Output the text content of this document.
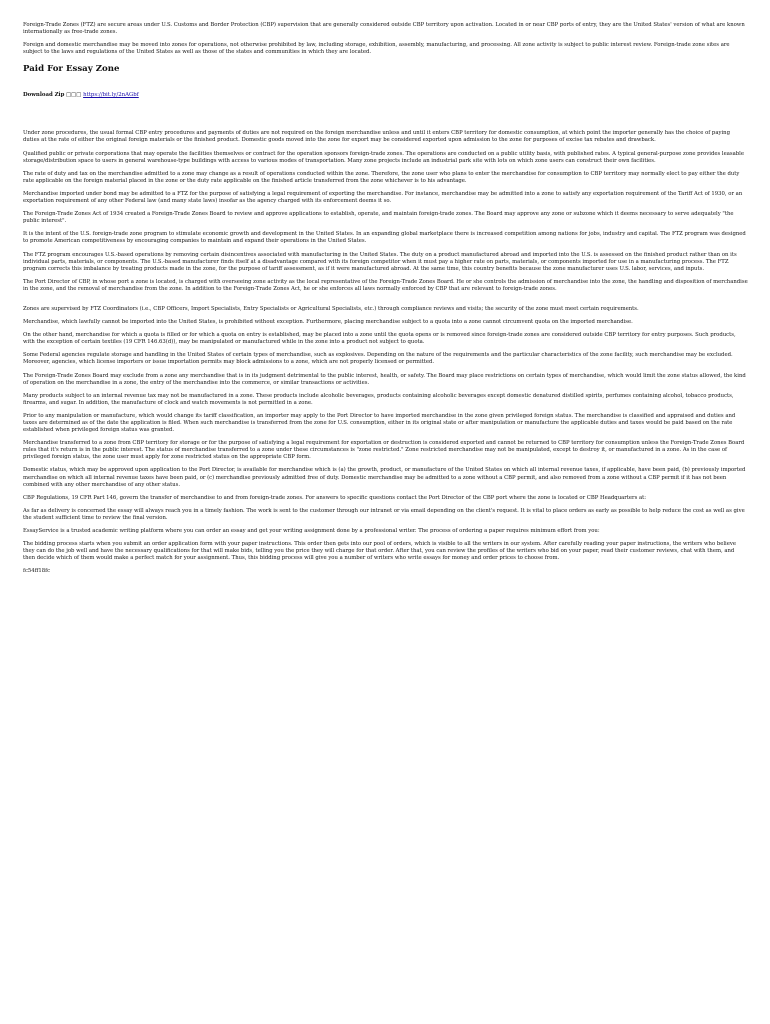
Foreign-Trade Zones (FTZ) are secure areas under U.S. Customs and Border Protection (CBP) supervision that are generally considered outside CBP territory upon activation. Located in or near CBP ports of entry, they are the United States' version of what are known internationally as free-trade zones.

Foreign and domestic merchandise may be moved into zones for operations, not otherwise prohibited by law, including storage, exhibition, assembly, manufacturing, and processing. All zone activity is subject to public interest review. Foreign-trade zone sites are subject to the laws and regulations of the United States as well as those of the states and communities in which they are located.

Paid For Essay Zone
Download Zip □□□ https://bit.ly/2nAGbf

Under zone procedures, the usual formal CBP entry procedures and payments of duties are not required on the foreign merchandise unless and until it enters CBP territory for domestic consumption, at which point the importer generally has the choice of paying duties at the rate of either the original foreign materials or the finished product. Domestic goods moved into the zone for export may be considered exported upon admission to the zone for purposes of excise tax rebates and drawback.

Qualified public or private corporations that may operate the facilities themselves or contract for the operation sponsors foreign-trade zones. The operations are conducted on a public utility basis, with published rates. A typical general-purpose zone provides leasable storage/distribution space to users in general warehouse-type buildings with access to various modes of transportation. Many zone projects include an industrial park site with lots on which zone users can construct their own facilities.

The rate of duty and tax on the merchandise admitted to a zone may change as a result of operations conducted within the zone. Therefore, the zone user who plans to enter the merchandise for consumption to CBP territory may normally elect to pay either the duty rate applicable on the foreign material placed in the zone or the duty rate applicable on the finished article transferred from the zone whichever is to his advantage.

Merchandise imported under bond may be admitted to a FTZ for the purpose of satisfying a legal requirement of exporting the merchandise. For instance, merchandise may be admitted into a zone to satisfy any exportation requirement of the Tariff Act of 1930, or an exportation requirement of any other Federal law (and many state laws) insofar as the agency charged with its enforcement deems it so.

The Foreign-Trade Zones Act of 1934 created a Foreign-Trade Zones Board to review and approve applications to establish, operate, and maintain foreign-trade zones. The Board may approve any zone or subzone which it deems necessary to serve adequately "the public interest".

It is the intent of the U.S. foreign-trade zone program to stimulate economic growth and development in the United States. In an expanding global marketplace there is increased competition among nations for jobs, industry and capital. The FTZ program was designed to promote American competitiveness by encouraging companies to maintain and expand their operations in the United States.

The FTZ program encourages U.S.-based operations by removing certain disincentives associated with manufacturing in the United States. The duty on a product manufactured abroad and imported into the U.S. is assessed on the finished product rather than on its individual parts, materials, or components. The U.S.-based manufacturer finds itself at a disadvantage compared with its foreign competitor when it must pay a higher rate on parts, materials, or components imported for use in a manufacturing process. The FTZ program corrects this imbalance by treating products made in the zone, for the purpose of tariff assessment, as if it were manufactured abroad. At the same time, this country benefits because the zone manufacturer uses U.S. labor, services, and inputs.

The Port Director of CBP, in whose port a zone is located, is charged with overseeing zone activity as the local representative of the Foreign-Trade Zones Board. He or she controls the admission of merchandise into the zone, the handling and disposition of merchandise in the zone, and the removal of merchandise from the zone. In addition to the Foreign-Trade Zones Act, he or she enforces all laws normally enforced by CBP that are relevant to foreign-trade zones.

Zones are supervised by FTZ Coordinators (i.e., CBP Officers, Import Specialists, Entry Specialists or Agricultural Specialists, etc.) through compliance reviews and visits; the security of the zone must meet certain requirements.

Merchandise, which lawfully cannot be imported into the United States, is prohibited without exception. Furthermore, placing merchandise subject to a quota into a zone cannot circumvent quota on the imported merchandise.

On the other hand, merchandise for which a quota is filled or for which a quota on entry is established, may be placed into a zone until the quota opens or is removed since foreign-trade zones are considered outside CBP territory for entry purposes. Such products, with the exception of certain textiles (19 CFR 146.63(d)), may be manipulated or manufactured while in the zone into a product not subject to quota.

Some Federal agencies regulate storage and handling in the United States of certain types of merchandise, such as explosives. Depending on the nature of the requirements and the particular characteristics of the zone facility, such merchandise may be excluded. Moreover, agencies, which license importers or issue importation permits may block admissions to a zone, which are not properly licensed or permitted.

The Foreign-Trade Zones Board may exclude from a zone any merchandise that is in its judgment detrimental to the public interest, health, or safety. The Board may place restrictions on certain types of merchandise, which would limit the zone status allowed, the kind of operation on the merchandise in a zone, the entry of the merchandise into the commerce, or similar transactions or activities.

Many products subject to an internal revenue tax may not be manufactured in a zone. These products include alcoholic beverages, products containing alcoholic beverages except domestic denatured distilled spirits, perfumes containing alcohol, tobacco products, firearms, and sugar. In addition, the manufacture of clock and watch movements is not permitted in a zone.

Prior to any manipulation or manufacture, which would change its tariff classification, an importer may apply to the Port Director to have imported merchandise in the zone given privileged foreign status. The merchandise is classified and appraised and duties and taxes are determined as of the date the application is filed. When such merchandise is transferred from the zone for U.S. consumption, either in its original state or after manipulation or manufacture the applicable duties and taxes would be paid based on the rate established when privileged foreign status was granted.

Merchandise transferred to a zone from CBP territory for storage or for the purpose of satisfying a legal requirement for exportation or destruction is considered exported and cannot be returned to CBP territory for consumption unless the Foreign-Trade Zones Board rules that it's return is in the public interest. The status of merchandise transferred to a zone under these circumstances is "zone restricted." Zone restricted merchandise may not be manipulated, except to destroy it, or manufactured in a zone. As in the case of privileged foreign status, the zone user must apply for zone restricted status on the appropriate CBP form.

Domestic status, which may be approved upon application to the Port Director, is available for merchandise which is (a) the growth, product, or manufacture of the United States on which all internal revenue taxes, if applicable, have been paid, (b) previously imported merchandise on which all internal revenue taxes have been paid, or (c) merchandise previously admitted free of duty. Domestic merchandise may be admitted to a zone without a CBP permit, and also removed from a zone without a CBP permit if it has not been combined with any other merchandise of any other status.

CBP Regulations, 19 CFR Part 146, govern the transfer of merchandise to and from foreign-trade zones. For answers to specific questions contact the Port Director of the CBP port where the zone is located or CBP Headquarters at:

As far as delivery is concerned the essay will always reach you in a timely fashion. The work is sent to the customer through our intranet or via email depending on the client's request. It is vital to place orders as early as possible to help reduce the cost as well as give the student sufficient time to review the final version.

EssayService is a trusted academic writing platform where you can order an essay and get your writing assignment done by a professional writer. The process of ordering a paper requires minimum effort from you:

The bidding process starts when you submit an order application form with your paper instructions. This order then gets into our pool of orders, which is visible to all the writers in our system. After carefully reading your paper instructions, the writers who believe they can do the job well and have the necessary qualifications for that will make bids, telling you the price they will charge for that order. After that, you can review the profiles of the writers who bid on your paper, read their customer reviews, chat with them, and then decide which of them would make a perfect match for your assignment. Thus, this bidding process will give you a number of writers who write essays for money and order prices to choose from.

fc54ff18fc
